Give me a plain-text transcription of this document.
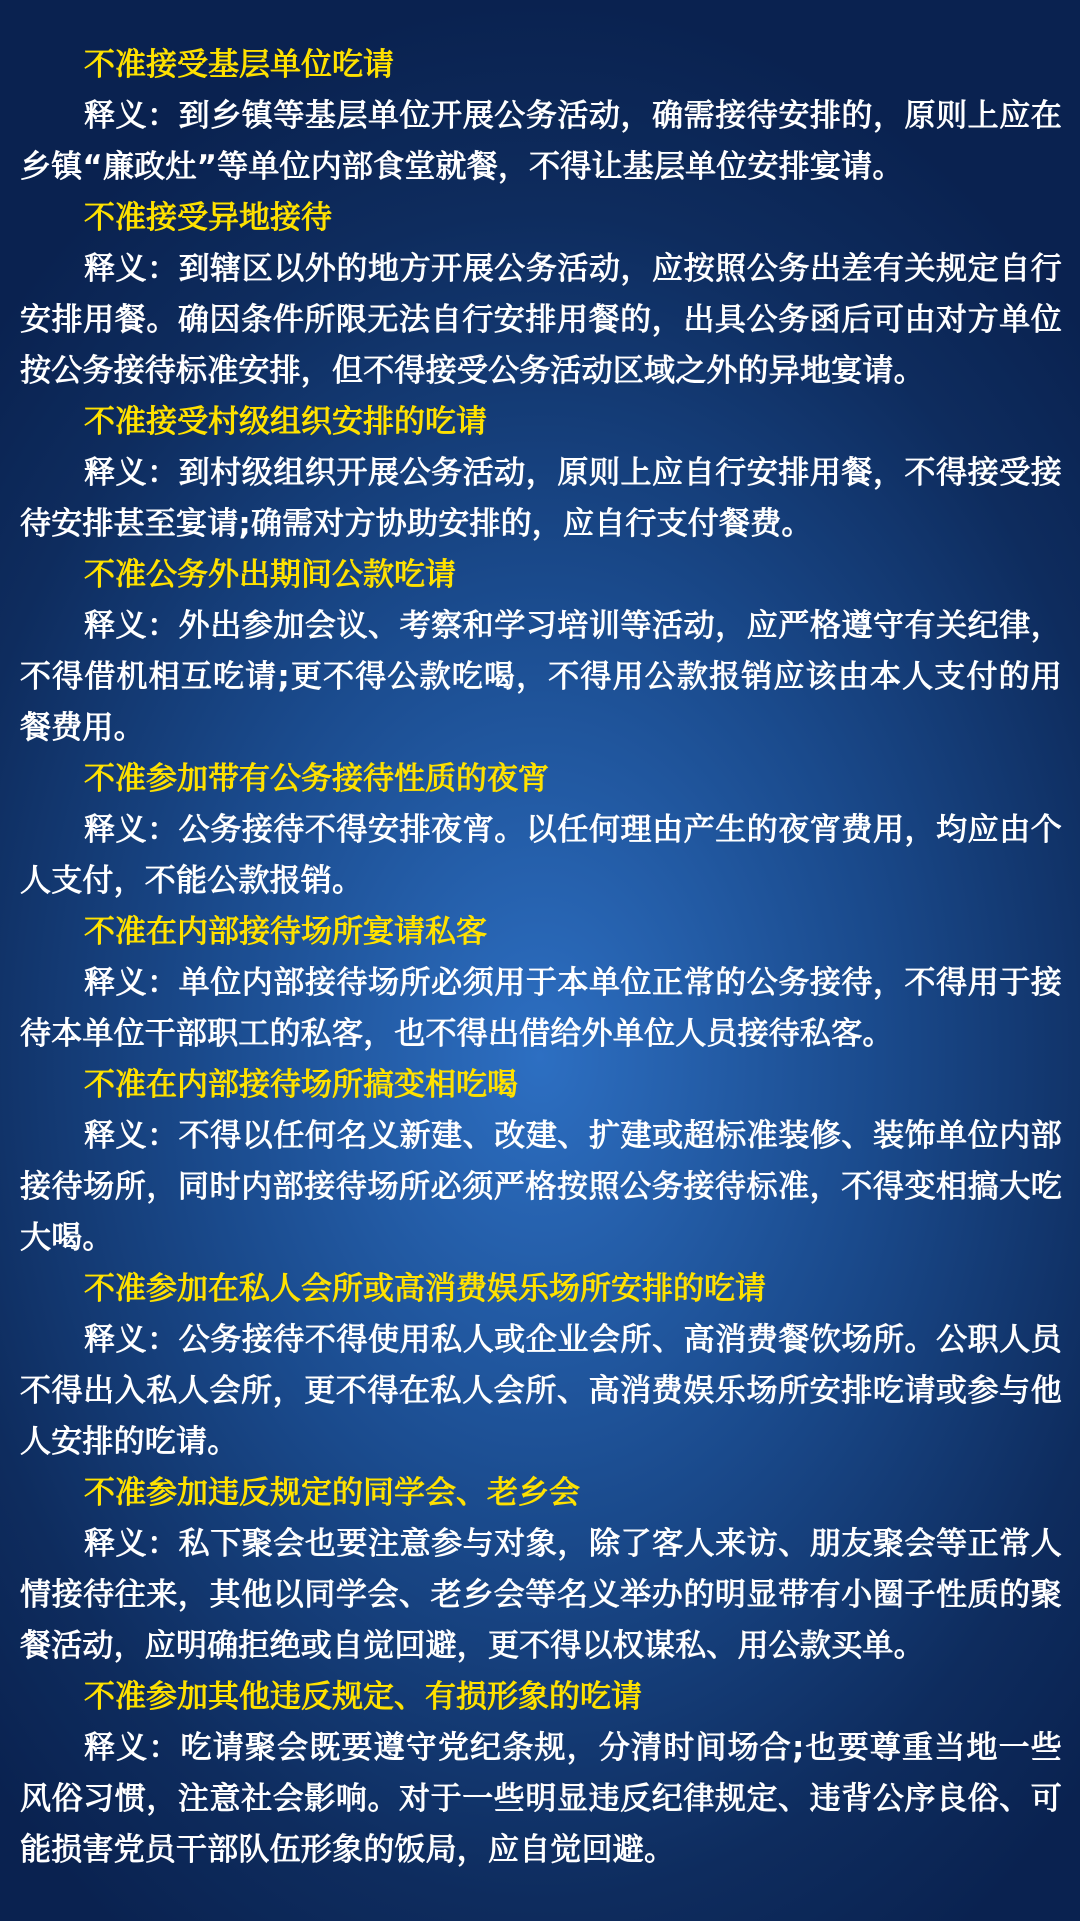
不准接受基层单位吃请

释义：到乡镇等基层单位开展公务活动，确需接待安排的，原则上应在乡镇“廉政灶”等单位内部食堂就餐，不得让基层单位安排宴请。

不准接受异地接待

释义：到辖区以外的地方开展公务活动，应按照公务出差有关规定自行安排用餐。确因条件所限无法自行安排用餐的，出具公务函后可由对方单位按公务接待标准安排，但不得接受公务活动区域之外的异地宴请。

不准接受村级组织安排的吃请

释义：到村级组织开展公务活动，原则上应自行安排用餐，不得接受接待安排甚至宴请;确需对方协助安排的，应自行支付餐费。

不准公务外出期间公款吃请

释义：外出参加会议、考察和学习培训等活动，应严格遵守有关纪律，不得借机相互吃请;更不得公款吃喝，不得用公款报销应该由本人支付的用餐费用。

不准参加带有公务接待性质的夜宵

释义：公务接待不得安排夜宵。以任何理由产生的夜宵费用，均应由个人支付，不能公款报销。

不准在内部接待场所宴请私客

释义：单位内部接待场所必须用于本单位正常的公务接待，不得用于接待本单位干部职工的私客，也不得出借给外单位人员接待私客。

不准在内部接待场所搞变相吃喝

释义：不得以任何名义新建、改建、扩建或超标准装修、装饰单位内部接待场所，同时内部接待场所必须严格按照公务接待标准，不得变相搞大吃大喝。

不准参加在私人会所或高消费娱乐场所安排的吃请

释义：公务接待不得使用私人或企业会所、高消费餐饮场所。公职人员不得出入私人会所，更不得在私人会所、高消费娱乐场所安排吃请或参与他人安排的吃请。

不准参加违反规定的同学会、老乡会

释义：私下聚会也要注意参与对象，除了客人来访、朋友聚会等正常人情接待往来，其他以同学会、老乡会等名义举办的明显带有小圈子性质的聚餐活动，应明确拒绝或自觉回避，更不得以权谋私、用公款买单。

不准参加其他违反规定、有损形象的吃请

释义：吃请聚会既要遵守党纪条规，分清时间场合;也要尊重当地一些风俗习惯，注意社会影响。对于一些明显违反纪律规定、违背公序良俗、可能损害党员干部队伍形象的饭局，应自觉回避。
